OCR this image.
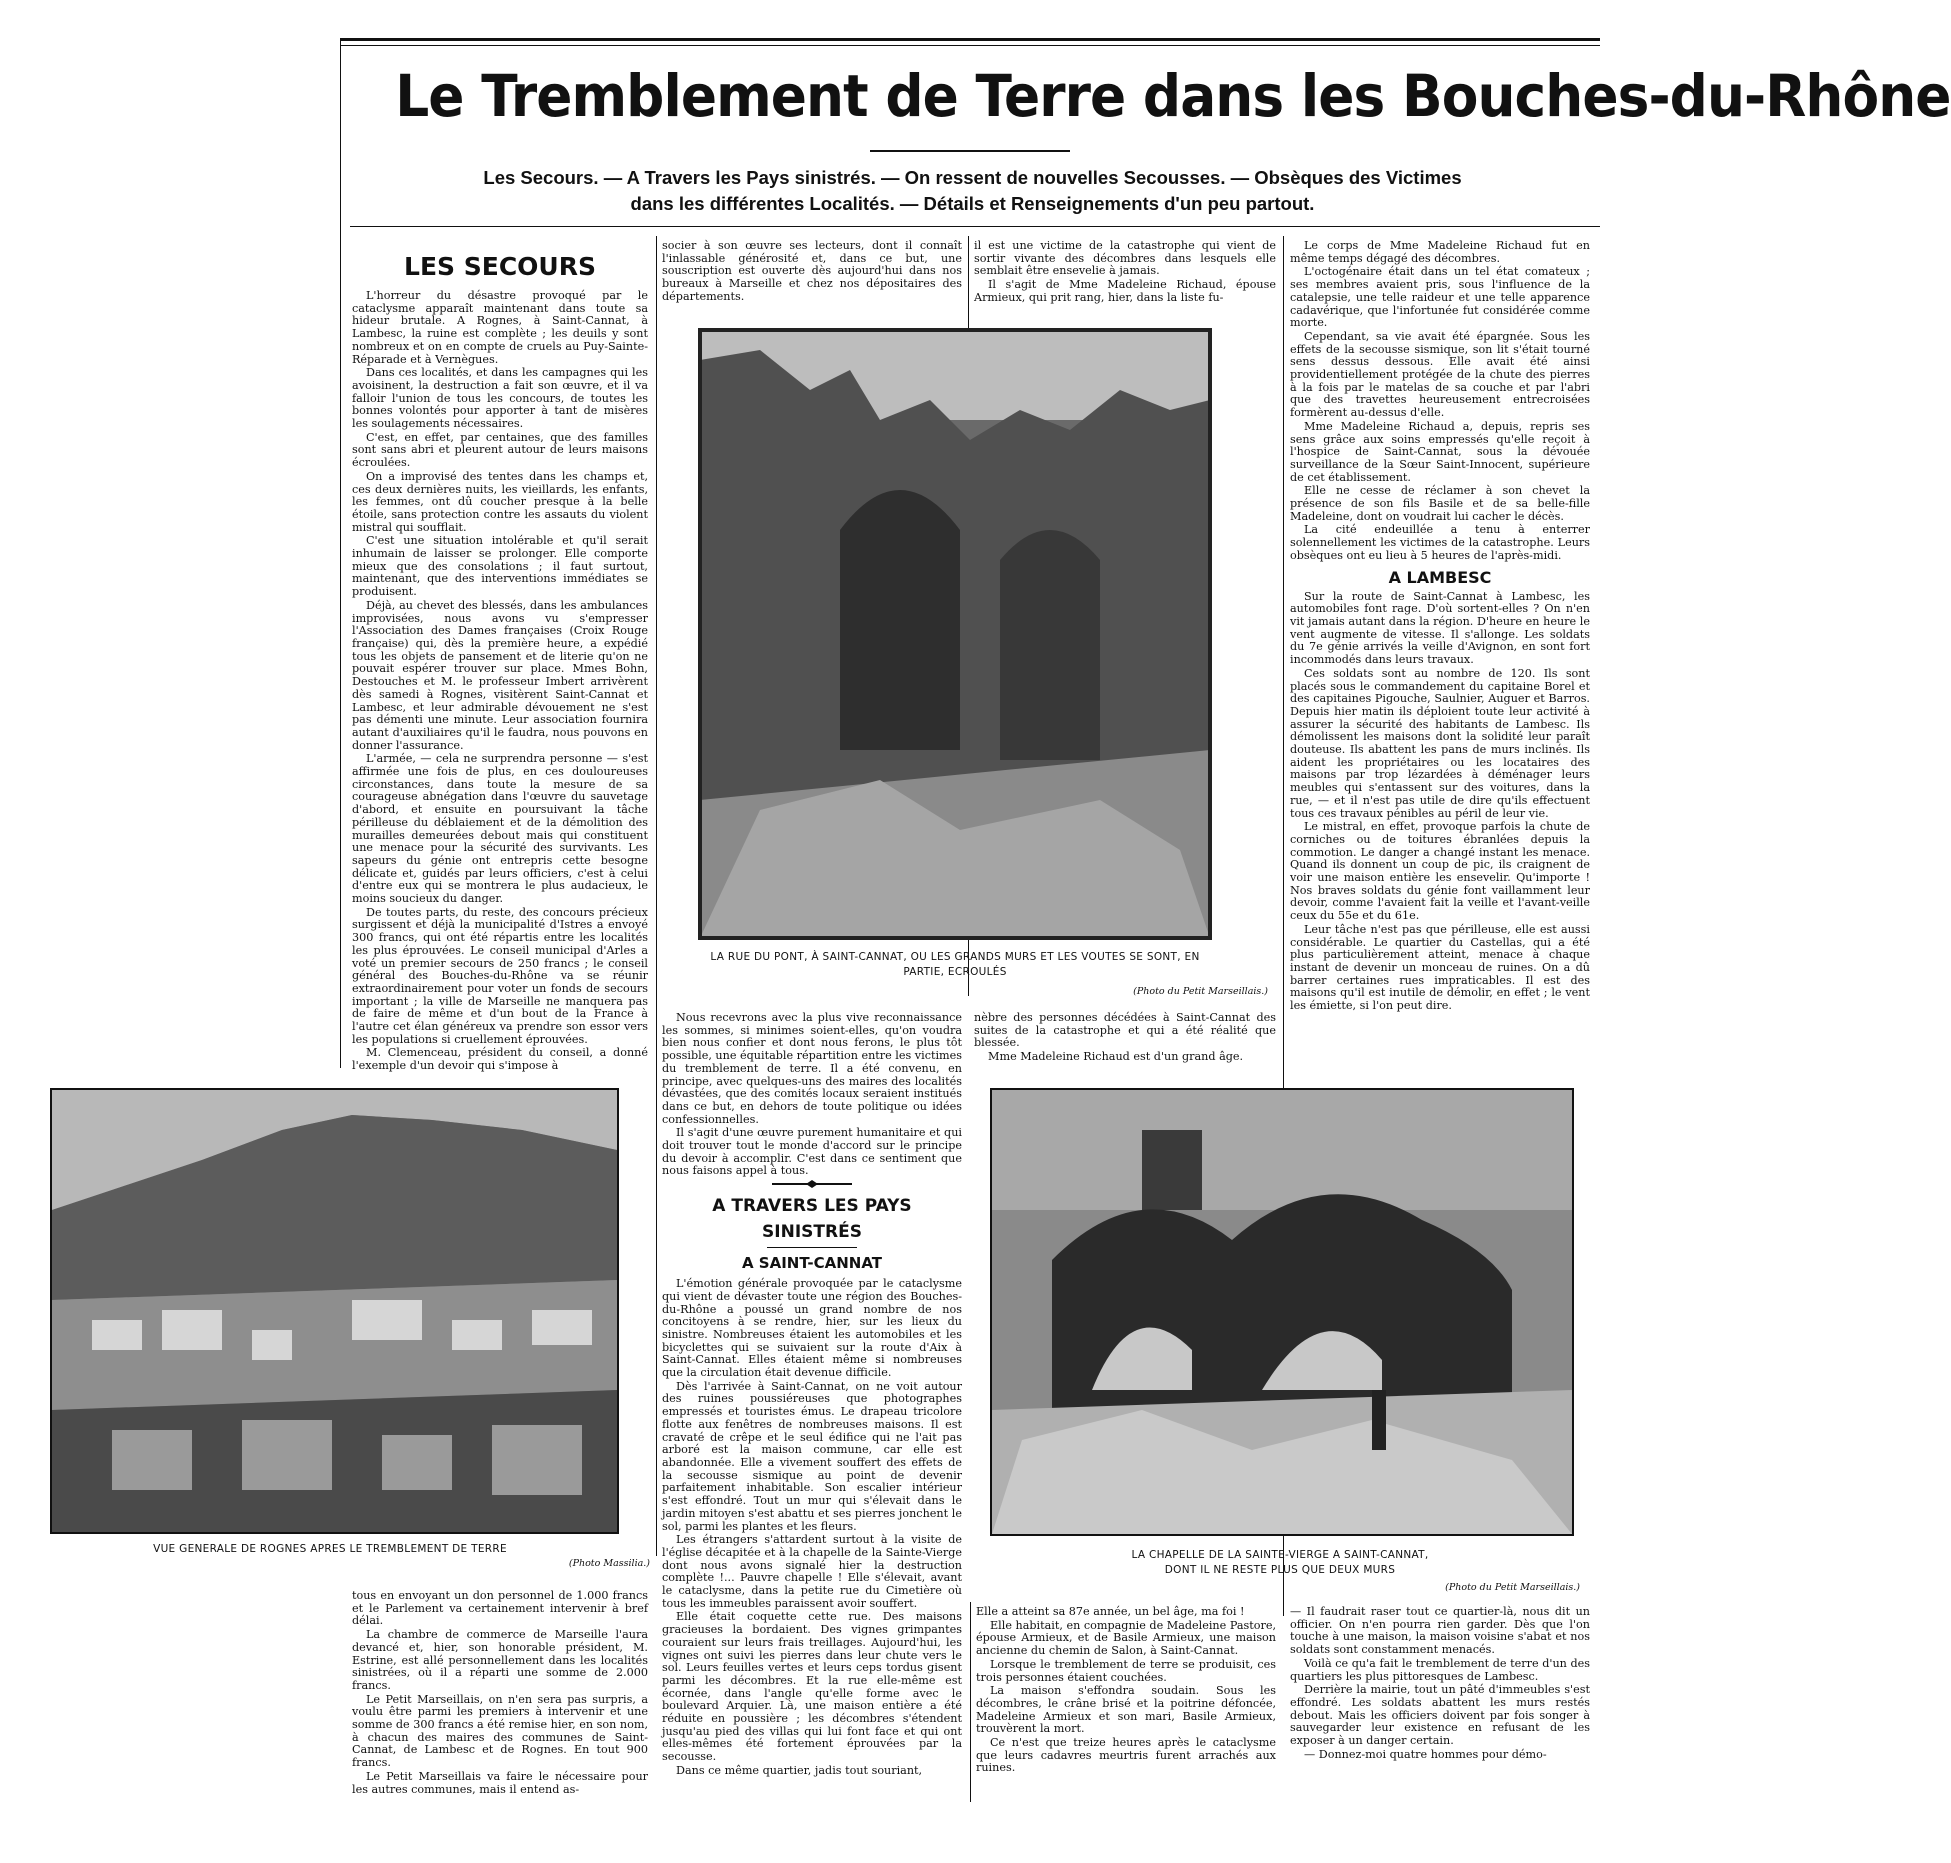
Le Tremblement de Terre dans les Bouches-du-Rhône
Les Secours. — A Travers les Pays sinistrés. — On ressent de nouvelles Secousses. — Obsèques des Victimes
dans les différentes Localités. — Détails et Renseignements d'un peu partout.
LES SECOURS

L'horreur du désastre provoqué par le cataclysme apparaît maintenant dans toute sa hideur brutale. A Rognes, à Saint-Cannat, à Lambesc, la ruine est complète ; les deuils y sont nombreux et on en compte de cruels au Puy-Sainte-Réparade et à Vernègues.

Dans ces localités, et dans les campagnes qui les avoisinent, la destruction a fait son œuvre, et il va falloir l'union de tous les concours, de toutes les bonnes volontés pour apporter à tant de misères les soulagements nécessaires.

C'est, en effet, par centaines, que des familles sont sans abri et pleurent autour de leurs maisons écroulées.

On a improvisé des tentes dans les champs et, ces deux dernières nuits, les vieillards, les enfants, les femmes, ont dû coucher presque à la belle étoile, sans protection contre les assauts du violent mistral qui soufflait.

C'est une situation intolérable et qu'il serait inhumain de laisser se prolonger. Elle comporte mieux que des consolations ; il faut surtout, maintenant, que des interventions immédiates se produisent.

Déjà, au chevet des blessés, dans les ambulances improvisées, nous avons vu s'empresser l'Association des Dames françaises (Croix Rouge française) qui, dès la première heure, a expédié tous les objets de pansement et de literie qu'on ne pouvait espérer trouver sur place. Mmes Bohn, Destouches et M. le professeur Imbert arrivèrent dès samedi à Rognes, visitèrent Saint-Cannat et Lambesc, et leur admirable dévouement ne s'est pas démenti une minute. Leur association fournira autant d'auxiliaires qu'il le faudra, nous pouvons en donner l'assurance.

L'armée, — cela ne surprendra personne — s'est affirmée une fois de plus, en ces douloureuses circonstances, dans toute la mesure de sa courageuse abnégation dans l'œuvre du sauvetage d'abord, et ensuite en poursuivant la tâche périlleuse du déblaiement et de la démolition des murailles demeurées debout mais qui constituent une menace pour la sécurité des survivants. Les sapeurs du génie ont entrepris cette besogne délicate et, guidés par leurs officiers, c'est à celui d'entre eux qui se montrera le plus audacieux, le moins soucieux du danger.

De toutes parts, du reste, des concours précieux surgissent et déjà la municipalité d'Istres a envoyé 300 francs, qui ont été répartis entre les localités les plus éprouvées. Le conseil municipal d'Arles a voté un premier secours de 250 francs ; le conseil général des Bouches-du-Rhône va se réunir extraordinairement pour voter un fonds de secours important ; la ville de Marseille ne manquera pas de faire de même et d'un bout de la France à l'autre cet élan généreux va prendre son essor vers les populations si cruellement éprouvées.

M. Clemenceau, président du conseil, a donné l'exemple d'un devoir qui s'impose à

socier à son œuvre ses lecteurs, dont il connaît l'inlassable générosité et, dans ce but, une souscription est ouverte dès aujourd'hui dans nos bureaux à Marseille et chez nos dépositaires des départements.

il est une victime de la catastrophe qui vient de sortir vivante des décombres dans lesquels elle semblait être ensevelie à jamais.

Il s'agit de Mme Madeleine Richaud, épouse Armieux, qui prit rang, hier, dans la liste fu-

LA RUE DU PONT, À SAINT-CANNAT, OU LES GRANDS MURS ET LES VOUTES SE SONT, EN PARTIE, ECROULÉS
(Photo du Petit Marseillais.)

Le corps de Mme Madeleine Richaud fut en même temps dégagé des décombres.

L'octogénaire était dans un tel état comateux ; ses membres avaient pris, sous l'influence de la catalepsie, une telle raideur et une telle apparence cadavérique, que l'infortunée fut considérée comme morte.

Cependant, sa vie avait été épargnée. Sous les effets de la secousse sismique, son lit s'était tourné sens dessus dessous. Elle avait été ainsi providentiellement protégée de la chute des pierres à la fois par le matelas de sa couche et par l'abri que des travettes heureusement entrecroisées formèrent au-dessus d'elle.

Mme Madeleine Richaud a, depuis, repris ses sens grâce aux soins empressés qu'elle reçoit à l'hospice de Saint-Cannat, sous la dévouée surveillance de la Sœur Saint-Innocent, supérieure de cet établissement.

Elle ne cesse de réclamer à son chevet la présence de son fils Basile et de sa belle-fille Madeleine, dont on voudrait lui cacher le décès.

La cité endeuillée a tenu à enterrer solennellement les victimes de la catastrophe. Leurs obsèques ont eu lieu à 5 heures de l'après-midi.

A LAMBESC

Sur la route de Saint-Cannat à Lambesc, les automobiles font rage. D'où sortent-elles ? On n'en vit jamais autant dans la région. D'heure en heure le vent augmente de vitesse. Il s'allonge. Les soldats du 7e génie arrivés la veille d'Avignon, en sont fort incommodés dans leurs travaux.

Ces soldats sont au nombre de 120. Ils sont placés sous le commandement du capitaine Borel et des capitaines Pigouche, Saulnier, Auguer et Barros. Depuis hier matin ils déploient toute leur activité à assurer la sécurité des habitants de Lambesc. Ils démolissent les maisons dont la solidité leur paraît douteuse. Ils abattent les pans de murs inclinés. Ils aident les propriétaires ou les locataires des maisons par trop lézardées à déménager leurs meubles qui s'entassent sur des voitures, dans la rue, — et il n'est pas utile de dire qu'ils effectuent tous ces travaux pénibles au péril de leur vie.

Le mistral, en effet, provoque parfois la chute de corniches ou de toitures ébranlées depuis la commotion. Le danger a changé instant les menace. Quand ils donnent un coup de pic, ils craignent de voir une maison entière les ensevelir. Qu'importe ! Nos braves soldats du génie font vaillamment leur devoir, comme l'avaient fait la veille et l'avant-veille ceux du 55e et du 61e.

Leur tâche n'est pas que périlleuse, elle est aussi considérable. Le quartier du Castellas, qui a été plus particulièrement atteint, menace à chaque instant de devenir un monceau de ruines. On a dû barrer certaines rues impraticables. Il est des maisons qu'il est inutile de démolir, en effet ; le vent les émiette, si l'on peut dire.

Nous recevrons avec la plus vive reconnaissance les sommes, si minimes soient-elles, qu'on voudra bien nous confier et dont nous ferons, le plus tôt possible, une équitable répartition entre les victimes du tremblement de terre. Il a été convenu, en principe, avec quelques-uns des maires des localités dévastées, que des comités locaux seraient institués dans ce but, en dehors de toute politique ou idées confessionnelles.

Il s'agit d'une œuvre purement humanitaire et qui doit trouver tout le monde d'accord sur le principe du devoir à accomplir. C'est dans ce sentiment que nous faisons appel à tous.

A TRAVERS LES PAYS SINISTRÉS
A SAINT-CANNAT

L'émotion générale provoquée par le cataclysme qui vient de dévaster toute une région des Bouches-du-Rhône a poussé un grand nombre de nos concitoyens à se rendre, hier, sur les lieux du sinistre. Nombreuses étaient les automobiles et les bicyclettes qui se suivaient sur la route d'Aix à Saint-Cannat. Elles étaient même si nombreuses que la circulation était devenue difficile.

Dès l'arrivée à Saint-Cannat, on ne voit autour des ruines poussiéreuses que photographes empressés et touristes émus. Le drapeau tricolore flotte aux fenêtres de nombreuses maisons. Il est cravaté de crêpe et le seul édifice qui ne l'ait pas arboré est la maison commune, car elle est abandonnée. Elle a vivement souffert des effets de la secousse sismique au point de devenir parfaitement inhabitable. Son escalier intérieur s'est effondré. Tout un mur qui s'élevait dans le jardin mitoyen s'est abattu et ses pierres jonchent le sol, parmi les plantes et les fleurs.

Les étrangers s'attardent surtout à la visite de l'église décapitée et à la chapelle de la Sainte-Vierge dont nous avons signalé hier la destruction complète !... Pauvre chapelle ! Elle s'élevait, avant le cataclysme, dans la petite rue du Cimetière où tous les immeubles paraissent avoir souffert.

Elle était coquette cette rue. Des maisons gracieuses la bordaient. Des vignes grimpantes couraient sur leurs frais treillages. Aujourd'hui, les vignes ont suivi les pierres dans leur chute vers le sol. Leurs feuilles vertes et leurs ceps tordus gisent parmi les décombres. Et la rue elle-même est écornée, dans l'angle qu'elle forme avec le boulevard Arquier. Là, une maison entière a été réduite en poussière ; les décombres s'étendent jusqu'au pied des villas qui lui font face et qui ont elles-mêmes été fortement éprouvées par la secousse.

Dans ce même quartier, jadis tout souriant,

nèbre des personnes décédées à Saint-Cannat des suites de la catastrophe et qui a été réalité que blessée.

Mme Madeleine Richaud est d'un grand âge.

VUE GENERALE DE ROGNES APRES LE TREMBLEMENT DE TERRE
(Photo Massilia.)
LA CHAPELLE DE LA SAINTE-VIERGE A SAINT-CANNAT,
DONT IL NE RESTE PLUS QUE DEUX MURS
(Photo du Petit Marseillais.)

tous en envoyant un don personnel de 1.000 francs et le Parlement va certainement intervenir à bref délai.

La chambre de commerce de Marseille l'aura devancé et, hier, son honorable président, M. Estrine, est allé personnellement dans les localités sinistrées, où il a réparti une somme de 2.000 francs.

Le Petit Marseillais, on n'en sera pas surpris, a voulu être parmi les premiers à intervenir et une somme de 300 francs a été remise hier, en son nom, à chacun des maires des communes de Saint-Cannat, de Lambesc et de Rognes. En tout 900 francs.

Le Petit Marseillais va faire le nécessaire pour les autres communes, mais il entend as-

Elle a atteint sa 87e année, un bel âge, ma foi !

Elle habitait, en compagnie de Madeleine Pastore, épouse Armieux, et de Basile Armieux, une maison ancienne du chemin de Salon, à Saint-Cannat.

Lorsque le tremblement de terre se produisit, ces trois personnes étaient couchées.

La maison s'effondra soudain. Sous les décombres, le crâne brisé et la poitrine défoncée, Madeleine Armieux et son mari, Basile Armieux, trouvèrent la mort.

Ce n'est que treize heures après le cataclysme que leurs cadavres meurtris furent arrachés aux ruines.

— Il faudrait raser tout ce quartier-là, nous dit un officier. On n'en pourra rien garder. Dès que l'on touche à une maison, la maison voisine s'abat et nos soldats sont constamment menacés.

Voilà ce qu'a fait le tremblement de terre d'un des quartiers les plus pittoresques de Lambesc.

Derrière la mairie, tout un pâté d'immeubles s'est effondré. Les soldats abattent les murs restés debout. Mais les officiers doivent par fois songer à sauvegarder leur existence en refusant de les exposer à un danger certain.

— Donnez-moi quatre hommes pour démo-
